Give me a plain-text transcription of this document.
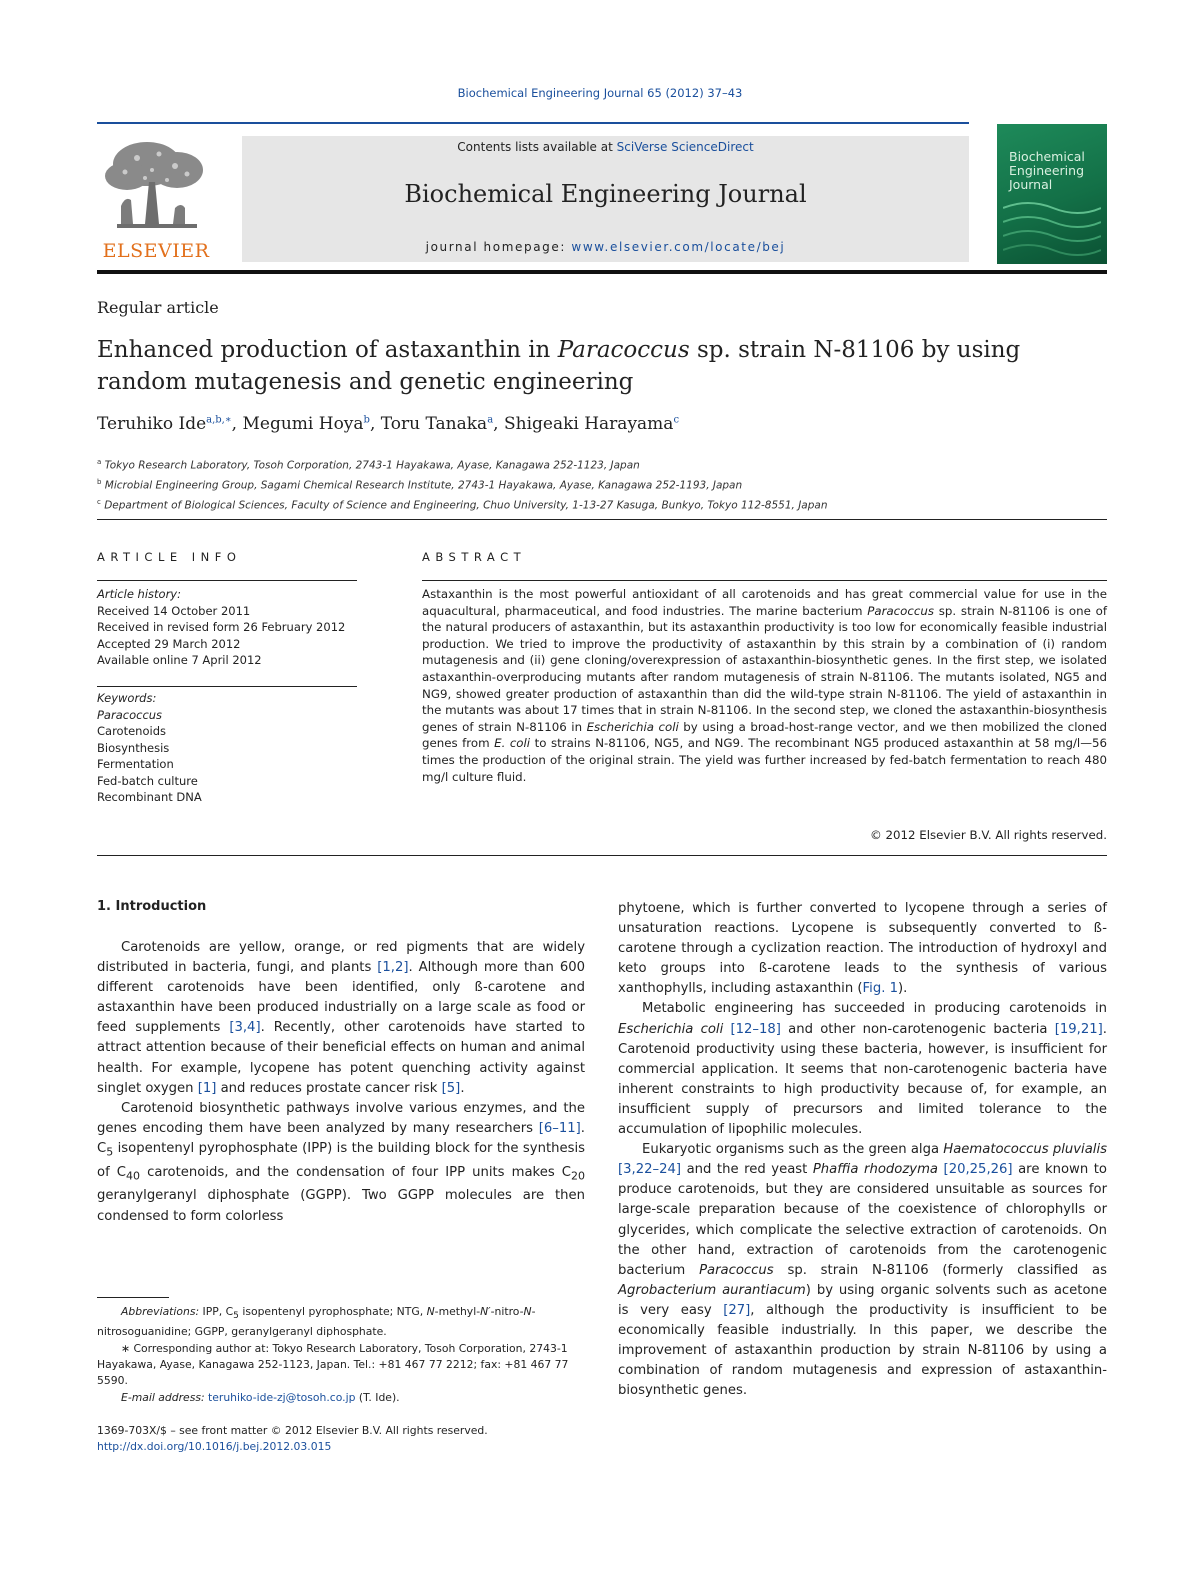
Biochemical Engineering Journal 65 (2012) 37–43
ELSEVIER
Contents lists available at SciVerse ScienceDirect
Biochemical Engineering Journal
journal homepage: www.elsevier.com/locate/bej
Biochemical Engineering Journal
Regular article
Enhanced production of astaxanthin in Paracoccus sp. strain N-81106 by using random mutagenesis and genetic engineering
Teruhiko Ide$^{a,b,∗}$, Megumi Hoya$^b$, Toru Tanaka$^a$, Shigeaki Harayama$^c$
$^a$ Tokyo Research Laboratory, Tosoh Corporation, 2743-1 Hayakawa, Ayase, Kanagawa 252-1123, Japan
$^b$ Microbial Engineering Group, Sagami Chemical Research Institute, 2743-1 Hayakawa, Ayase, Kanagawa 252-1193, Japan
$^c$ Department of Biological Sciences, Faculty of Science and Engineering, Chuo University, 1-13-27 Kasuga, Bunkyo, Tokyo 112-8551, Japan
ARTICLE INFO	ABSTRACT
Article history:
Received 14 October 2011
Received in revised form 26 February 2012
Accepted 29 March 2012
Available online 7 April 2012
Keywords:
Paracoccus
Carotenoids
Biosynthesis
Fermentation
Fed-batch culture
Recombinant DNA
Astaxanthin is the most powerful antioxidant of all carotenoids and has great commercial value for use in the aquacultural, pharmaceutical, and food industries. The marine bacterium Paracoccus sp. strain N-81106 is one of the natural producers of astaxanthin, but its astaxanthin productivity is too low for economically feasible industrial production. We tried to improve the productivity of astaxanthin by this strain by a combination of (i) random mutagenesis and (ii) gene cloning/overexpression of astaxanthin-biosynthetic genes. In the first step, we isolated astaxanthin-overproducing mutants after random mutagenesis of strain N-81106. The mutants isolated, NG5 and NG9, showed greater production of astaxanthin than did the wild-type strain N-81106. The yield of astaxanthin in the mutants was about 17 times that in strain N-81106. In the second step, we cloned the astaxanthin-biosynthesis genes of strain N-81106 in Escherichia coli by using a broad-host-range vector, and we then mobilized the cloned genes from E. coli to strains N-81106, NG5, and NG9. The recombinant NG5 produced astaxanthin at 58 mg/l—56 times the production of the original strain. The yield was further increased by fed-batch fermentation to reach 480 mg/l culture fluid.
© 2012 Elsevier B.V. All rights reserved.
1. Introduction

Carotenoids are yellow, orange, or red pigments that are widely distributed in bacteria, fungi, and plants [1,2]. Although more than 600 different carotenoids have been identified, only ß-carotene and astaxanthin have been produced industrially on a large scale as food or feed supplements [3,4]. Recently, other carotenoids have started to attract attention because of their beneficial effects on human and animal health. For example, lycopene has potent quenching activity against singlet oxygen [1] and reduces prostate cancer risk [5].

Carotenoid biosynthetic pathways involve various enzymes, and the genes encoding them have been analyzed by many researchers [6–11]. $C_5$ isopentenyl pyrophosphate (IPP) is the building block for the synthesis of $C_{40}$ carotenoids, and the condensation of four IPP units makes $C_{20}$ geranylgeranyl diphosphate (GGPP). Two GGPP molecules are then condensed to form colorless

phytoene, which is further converted to lycopene through a series of unsaturation reactions. Lycopene is subsequently converted to ß-carotene through a cyclization reaction. The introduction of hydroxyl and keto groups into ß-carotene leads to the synthesis of various xanthophylls, including astaxanthin (Fig. 1).

Metabolic engineering has succeeded in producing carotenoids in Escherichia coli [12–18] and other non-carotenogenic bacteria [19,21]. Carotenoid productivity using these bacteria, however, is insufficient for commercial application. It seems that non-carotenogenic bacteria have inherent constraints to high productivity because of, for example, an insufficient supply of precursors and limited tolerance to the accumulation of lipophilic molecules.

Eukaryotic organisms such as the green alga Haematococcus pluvialis [3,22–24] and the red yeast Phaffia rhodozyma [20,25,26] are known to produce carotenoids, but they are considered unsuitable as sources for large-scale preparation because of the coexistence of chlorophylls or glycerides, which complicate the selective extraction of carotenoids. On the other hand, extraction of carotenoids from the carotenogenic bacterium Paracoccus sp. strain N-81106 (formerly classified as Agrobacterium aurantiacum) by using organic solvents such as acetone is very easy [27], although the productivity is insufficient to be economically feasible industrially. In this paper, we describe the improvement of astaxanthin production by strain N-81106 by using a combination of random mutagenesis and expression of astaxanthin-biosynthetic genes.

Abbreviations: IPP, $C_5$ isopentenyl pyrophosphate; NTG, N-methyl-N′-nitro-N-nitrosoguanidine; GGPP, geranylgeranyl diphosphate.

∗ Corresponding author at: Tokyo Research Laboratory, Tosoh Corporation, 2743-1 Hayakawa, Ayase, Kanagawa 252-1123, Japan. Tel.: +81 467 77 2212; fax: +81 467 77 5590.

E-mail address: teruhiko-ide-zj@tosoh.co.jp (T. Ide).

1369-703X/$ – see front matter © 2012 Elsevier B.V. All rights reserved.
http://dx.doi.org/10.1016/j.bej.2012.03.015
